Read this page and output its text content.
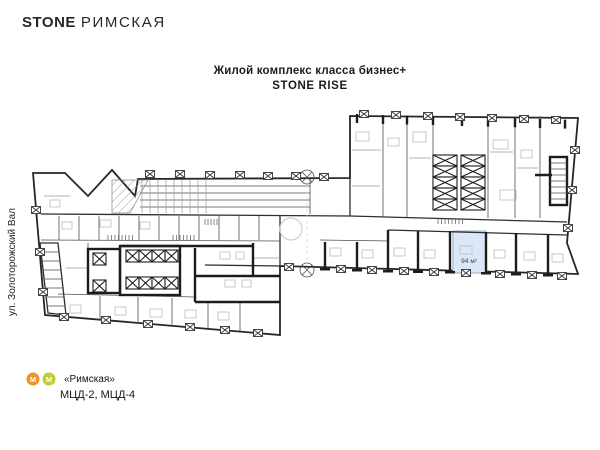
STONE РИМСКАЯ
Жилой комплекс класса бизнес+
STONE RISE
ул. Золоторожский Вал	94 м²
М М «Римская»
МЦД-2, МЦД-4
